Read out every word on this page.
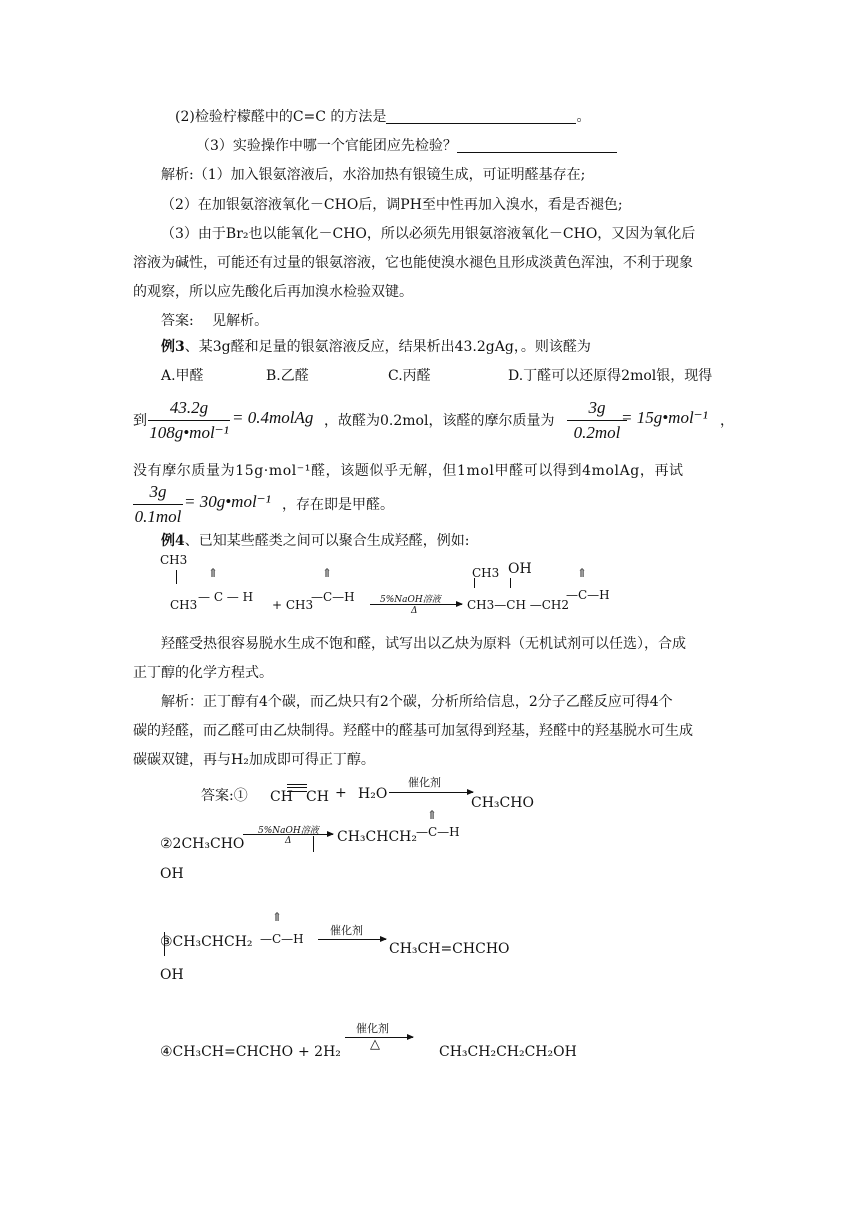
(2)检验柠檬醛中的C=C 的方法是	。
（3）实验操作中哪一个官能团应先检验？
解析:（1）加入银氨溶液后，水浴加热有银镜生成，可证明醛基存在;
（2）在加银氨溶液氧化－CHO后，调PH至中性再加入溴水，看是否褪色;
（3）由于Br₂也以能氧化－CHO，所以必须先用银氨溶液氧化－CHO，又因为氧化后
溶液为碱性，可能还有过量的银氨溶液，它也能使溴水褪色且形成淡黄色浑浊，不利于现象
的观察，所以应先酸化后再加溴水检验双键。
答案:　 见解析。
例3、某3g醛和足量的银氨溶液反应，结果析出43.2gAg，。则该醛为
A.甲醛	B.乙醛	C.丙醛	D.丁醛可以还原得2mol银，现得
到
43.2g
108g•mol⁻¹
= 0.4molAg ，故醛为0.2mol，该醛的摩尔质量为
3g
0.2mol
= 15g•mol⁻¹ ，
没有摩尔质量为15g·mol⁻¹醛，该题似乎无解，但1mol甲醛可以得到4molAg，再试
3g
0.1mol
= 30g•mol⁻¹ ，存在即是甲醛。
例4、已知某些醛类之间可以聚合生成羟醛，例如:
CH3
⇑
CH3
— C — H
⇑
+ CH3
—C—H	5%NaOH溶液
Δ
CH3 OH	⇑
CH3—CH —CH2
—C—H
羟醛受热很容易脱水生成不饱和醛，试写出以乙炔为原料（无机试剂可以任选），合成
正丁醇的化学方程式。
解析：正丁醇有4个碳，而乙炔只有2个碳，分析所给信息，2分子乙醛反应可得4个
碳的羟醛，而乙醛可由乙炔制得。羟醛中的醛基可加氢得到羟基，羟醛中的羟基脱水可生成
碳碳双键，再与H₂加成即可得正丁醇。
答案:① CH CH + H₂O
催化剂
CH₃CHO
⇑
②2CH₃CHO
5%NaOH溶液
Δ	CH₃CHCH₂ —C—H
OH
⇑
③CH₃CHCH₂ —C—H
催化剂
CH₃CH=CHCHO
OH
催化剂
△
④CH₃CH=CHCHO + 2H₂	CH₃CH₂CH₂CH₂OH
